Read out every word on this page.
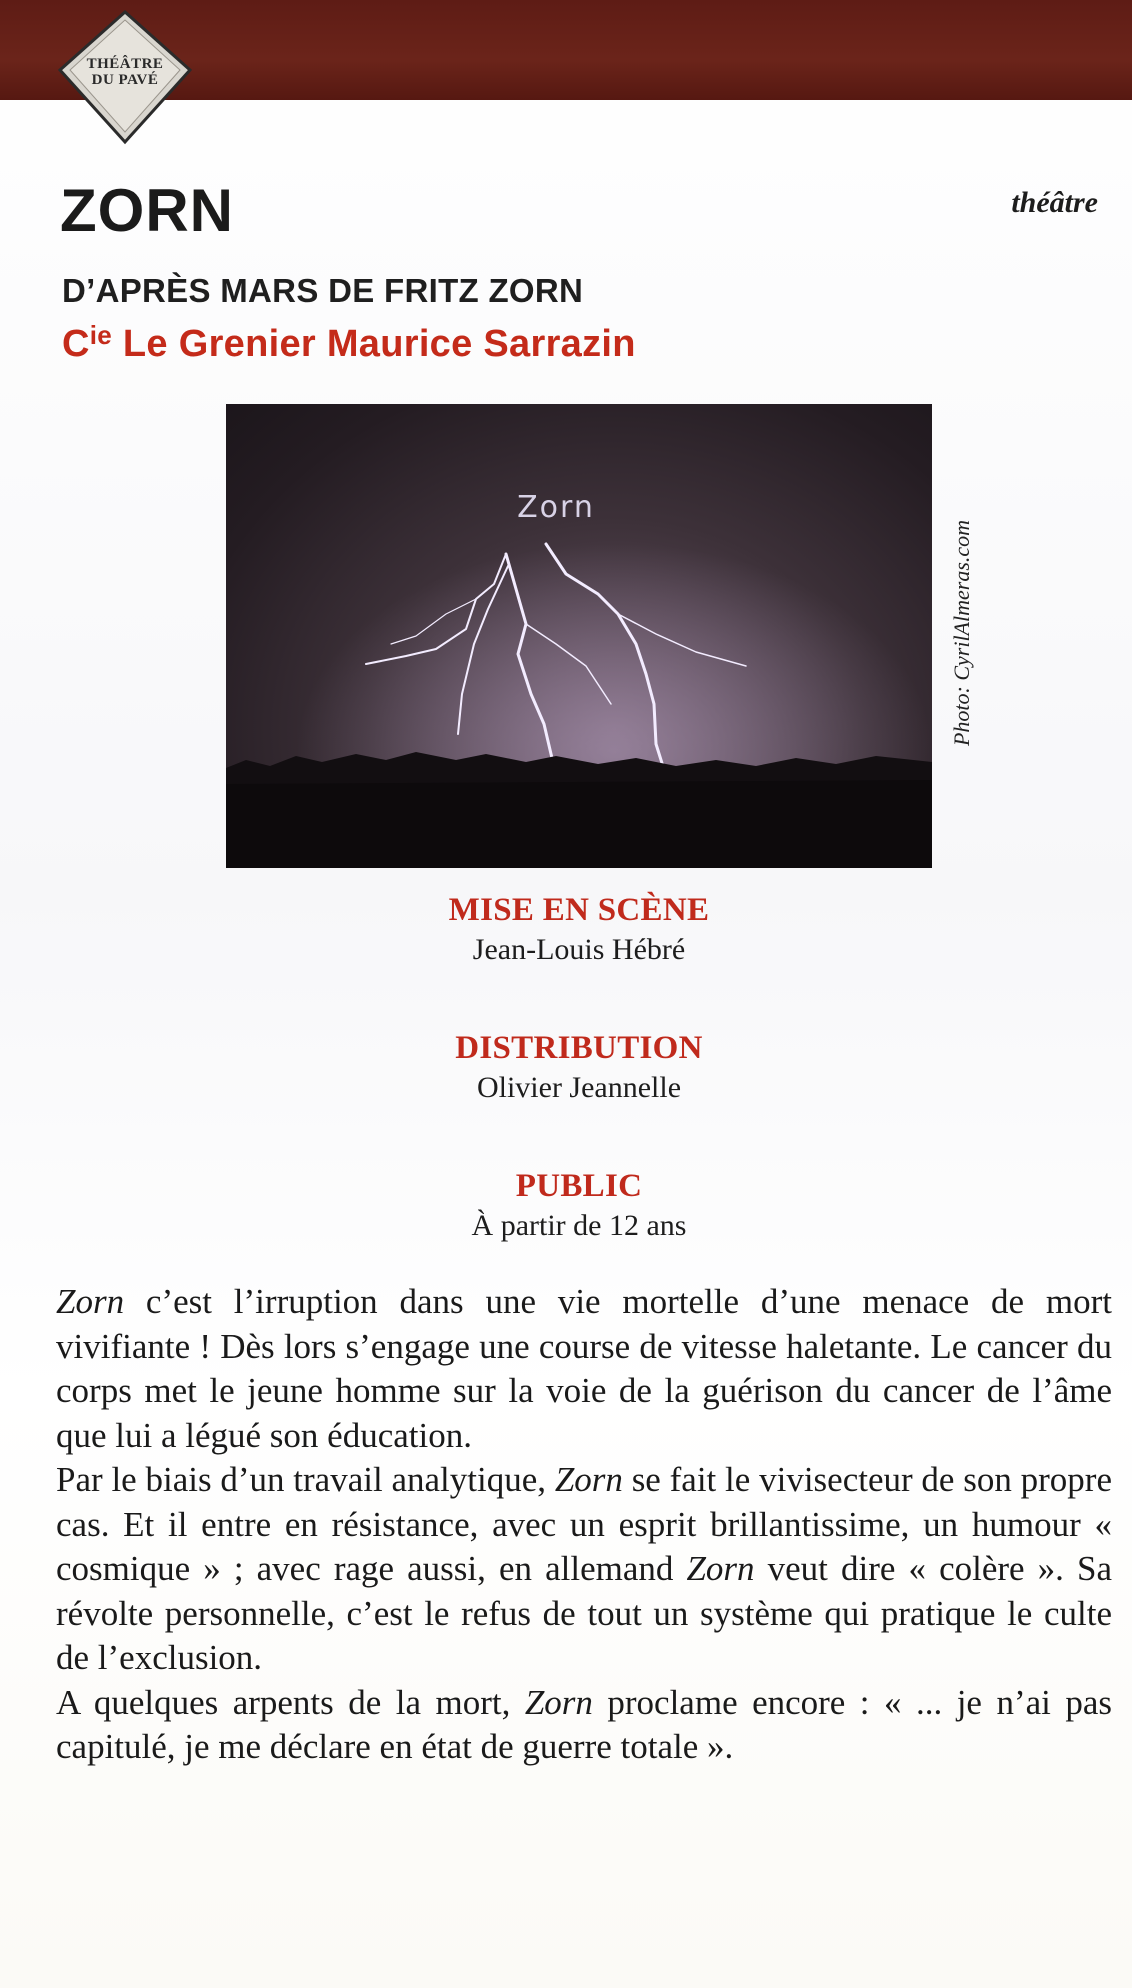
THÉÂTRE
DU PAVÉ
ZORN	théâtre
D’APRÈS MARS DE FRITZ ZORN
$C^{ie}$ Le Grenier Maurice Sarrazin
Zorn
Photo: CyrilAlmeras.com
MISE EN SCÈNE
Jean-Louis Hébré
DISTRIBUTION
Olivier Jeannelle
PUBLIC
À partir de 12 ans

Zorn c’est l’irruption dans une vie mortelle d’une menace de mort vivifiante ! Dès lors s’engage une course de vitesse haletante. Le cancer du corps met le jeune homme sur la voie de la guérison du cancer de l’âme que lui a légué son éducation.

Par le biais d’un travail analytique, Zorn se fait le vivisecteur de son propre cas. Et il entre en résistance, avec un esprit brillantissime, un humour « cosmique » ; avec rage aussi, en allemand Zorn veut dire « colère ». Sa révolte personnelle, c’est le refus de tout un système qui pratique le culte de l’exclusion.

A quelques arpents de la mort, Zorn proclame encore : « ... je n’ai pas capitulé, je me déclare en état de guerre totale ».
